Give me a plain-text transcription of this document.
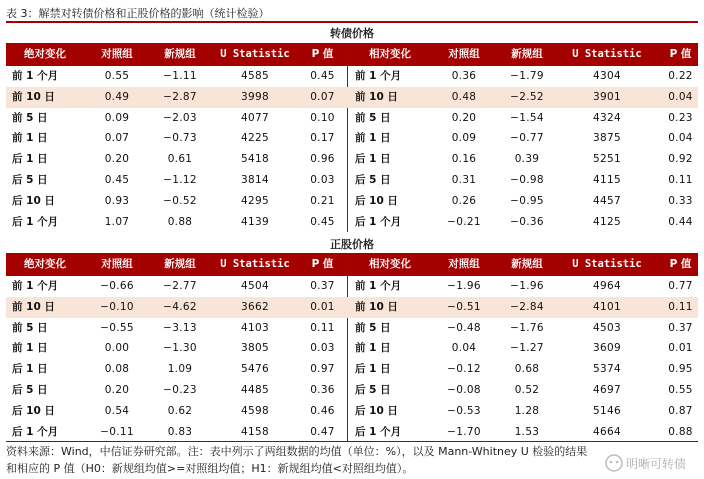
表 3：解禁对转债价格和正股价格的影响（统计检验）
转债价格
绝对变化	对照组	新规组	U Statistic	P 值	相对变化	对照组	新规组	U Statistic	P 值
前 1 个月	0.55	−1.11	4585	0.45	前 1 个月	0.36	−1.79	4304	0.22
前 10 日	0.49	−2.87	3998	0.07	前 10 日	0.48	−2.52	3901	0.04
前 5 日	0.09	−2.03	4077	0.10	前 5 日	0.20	−1.54	4324	0.23
前 1 日	0.07	−0.73	4225	0.17	前 1 日	0.09	−0.77	3875	0.04
后 1 日	0.20	0.61	5418	0.96	后 1 日	0.16	0.39	5251	0.92
后 5 日	0.45	−1.12	3814	0.03	后 5 日	0.31	−0.98	4115	0.11
后 10 日	0.93	−0.52	4295	0.21	后 10 日	0.26	−0.95	4457	0.33
后 1 个月	1.07	0.88	4139	0.45	后 1 个月	−0.21	−0.36	4125	0.44
正股价格
绝对变化	对照组	新规组	U Statistic	P 值	相对变化	对照组	新规组	U Statistic	P 值
前 1 个月	−0.66	−2.77	4504	0.37	前 1 个月	−1.96	−1.96	4964	0.77
前 10 日	−0.10	−4.62	3662	0.01	前 10 日	−0.51	−2.84	4101	0.11
前 5 日	−0.55	−3.13	4103	0.11	前 5 日	−0.48	−1.76	4503	0.37
前 1 日	0.00	−1.30	3805	0.03	前 1 日	0.04	−1.27	3609	0.01
后 1 日	0.08	1.09	5476	0.97	后 1 日	−0.12	0.68	5374	0.95
后 5 日	0.20	−0.23	4485	0.36	后 5 日	−0.08	0.52	4697	0.55
后 10 日	0.54	0.62	4598	0.46	后 10 日	−0.53	1.28	5146	0.87
后 1 个月	−0.11	0.83	4158	0.47	后 1 个月	−1.70	1.53	4664	0.88
资料来源：Wind，中信证券研究部。注：表中列示了两组数据的均值（单位：%），以及 Mann-Whitney U 检验的结果
和相应的 P 值（H0：新规组均值>=对照组均值；H1：新规组均值<对照组均值）。	明晰可转债
